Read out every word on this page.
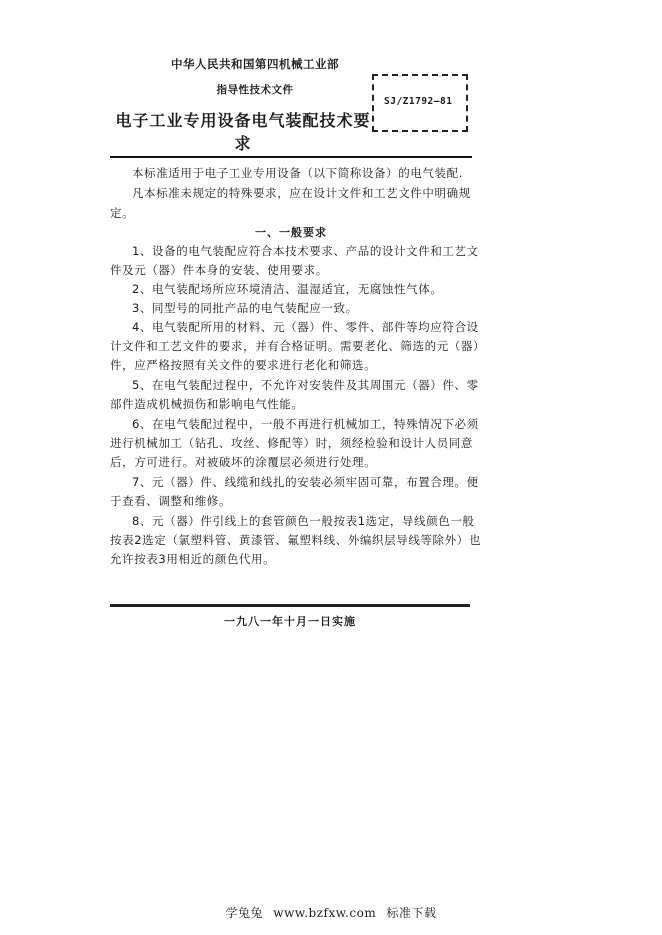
中华人民共和国第四机械工业部
指导性技术文件
电子工业专用设备电气装配技术要求
SJ/Z1792—81
本标准适用于电子工业专用设备（以下简称设备）的电气装配.
凡本标准未规定的特殊要求，应在设计文件和工艺文件中明确规
定。
一、一般要求
1、设备的电气装配应符合本技术要求、产品的设计文件和工艺文
件及元（器）件本身的安装、使用要求。
2、电气装配场所应环境清洁、温湿适宜，无腐蚀性气体。
3、同型号的同批产品的电气装配应一致。
4、电气装配所用的材料、元（器）件、零件、部件等均应符合设
计文件和工艺文件的要求，并有合格证明。需要老化、筛选的元（器）
件，应严格按照有关文件的要求进行老化和筛选。
5、在电气装配过程中，不允许对安装件及其周围元（器）件、零
部件造成机械损伤和影响电气性能。
6、在电气装配过程中，一般不再进行机械加工，特殊情况下必须
进行机械加工（钻孔、攻丝、修配等）时，须经检验和设计人员同意
后，方可进行。对被破坏的涂覆层必须进行处理。
7、元（器）件、线缆和线扎的安装必须牢固可靠，布置合理。便
于查看、调整和维修。
8、元（器）件引线上的套管颜色一般按表1选定，导线颜色一般
按表2选定（氯塑料管、黄漆管、氟塑料线、外编织层导线等除外）也
允许按表3用相近的颜色代用。
一九八一年十月一日实施
学兔兔 www.bzfxw.com 标准下载
